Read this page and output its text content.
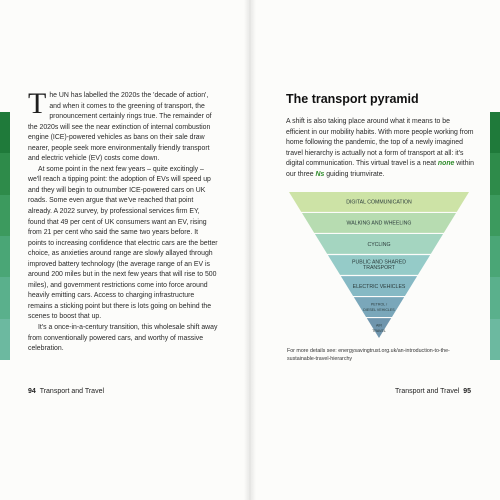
The UN has labelled the 2020s the 'decade of action', and when it comes to the greening of transport, the pronouncement certainly rings true. The remainder of the 2020s will see the near extinction of internal combustion engine (ICE)-powered vehicles as bans on their sale draw nearer, people seek more environmentally friendly transport and electric vehicle (EV) costs come down.

At some point in the next few years – quite excitingly – we'll reach a tipping point: the adoption of EVs will speed up and they will begin to outnumber ICE-powered cars on UK roads. Some even argue that we've reached that point already. A 2022 survey, by professional services firm EY, found that 49 per cent of UK consumers want an EV, rising from 21 per cent who said the same two years before. It points to increasing confidence that electric cars are the better choice, as anxieties around range are slowly allayed through improved battery technology (the average range of an EV is around 200 miles but in the next few years that will rise to 500 miles), and government restrictions come into force around heavily emitting cars. Access to charging infrastructure remains a sticking point but there is lots going on behind the scenes to boost that up.

It's a once-in-a-century transition, this wholesale shift away from conventionally powered cars, and worthy of massive celebration.

94 Transport and Travel
The transport pyramid

A shift is also taking place around what it means to be efficient in our mobility habits. With more people working from home following the pandemic, the top of a newly imagined travel hierarchy is actually not a form of transport at all: it's digital communication. This virtual travel is a neat none within our three Ns guiding triumvirate.

DIGITAL COMMUNICATION
WALKING AND WHEELING
CYCLING
PUBLIC AND SHARED
TRANSPORT
ELECTRIC VEHICLES
PETROL /
DIESEL VEHICLES
AIR
TRAVEL

For more details see: energysavingtrust.org.uk/an-introduction-to-the-sustainable-travel-hierarchy

Transport and Travel 95
